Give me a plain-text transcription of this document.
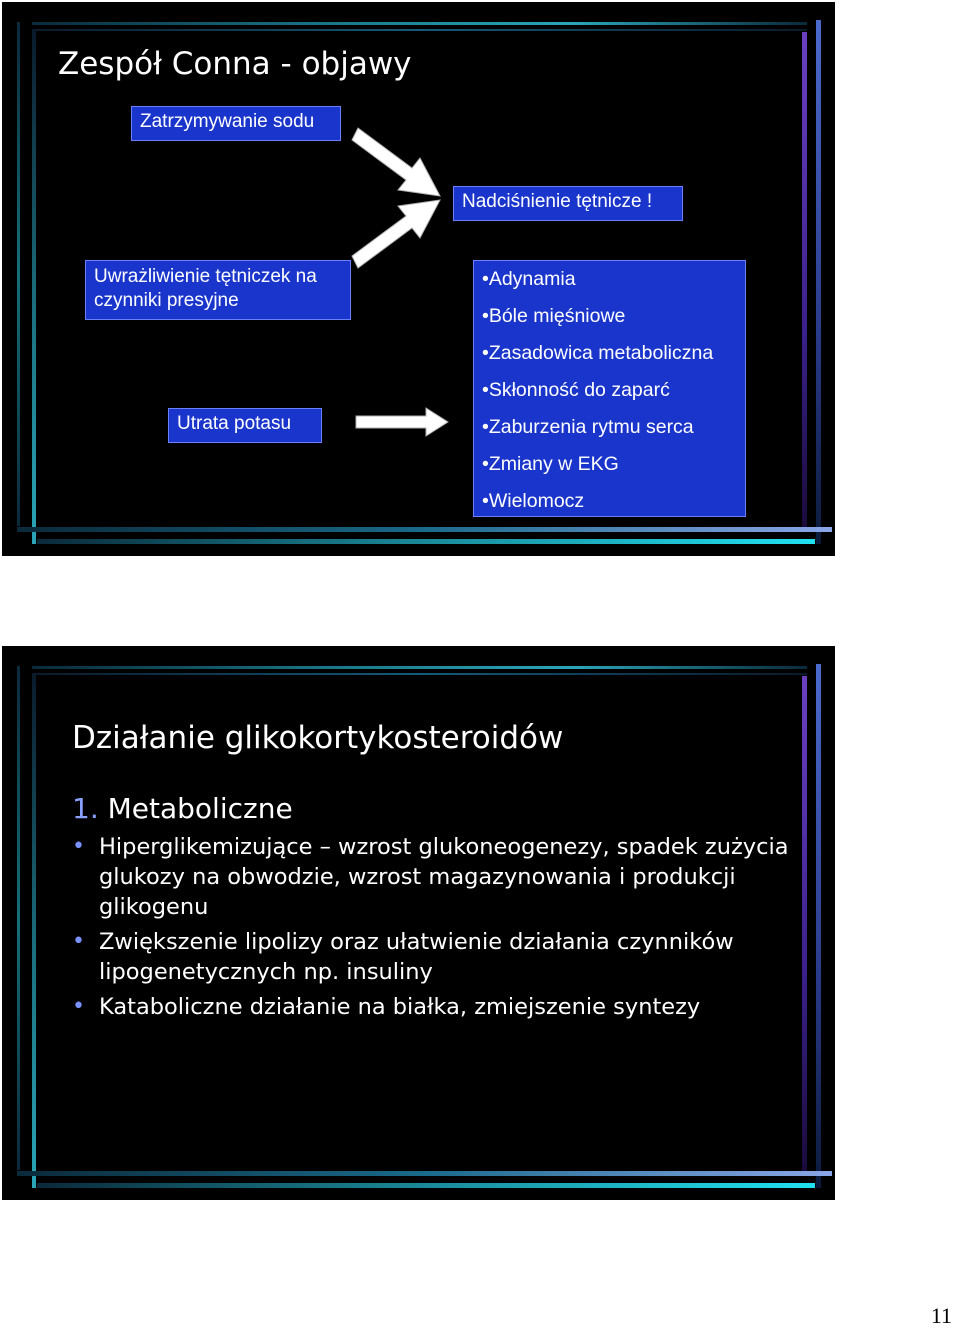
Zespół Conna - objawy
Zatrzymywanie sodu
Nadciśnienie tętnicze !
Uwrażliwienie tętniczek na czynniki presyjne
Utrata potasu
• Adynamia
• Bóle mięśniowe
• Zasadowica metaboliczna
• Skłonność do zaparć
• Zaburzenia rytmu serca
• Zmiany w EKG
• Wielomocz
Działanie glikokortykosteroidów
1. Metaboliczne
• Hiperglikemizujące – wzrost glukoneogenezy, spadek zużycia glukozy na obwodzie, wzrost magazynowania i produkcji glikogenu
• Zwiększenie lipolizy oraz ułatwienie działania czynników lipogenetycznych np. insuliny
• Kataboliczne działanie na białka, zmiejszenie syntezy
11
